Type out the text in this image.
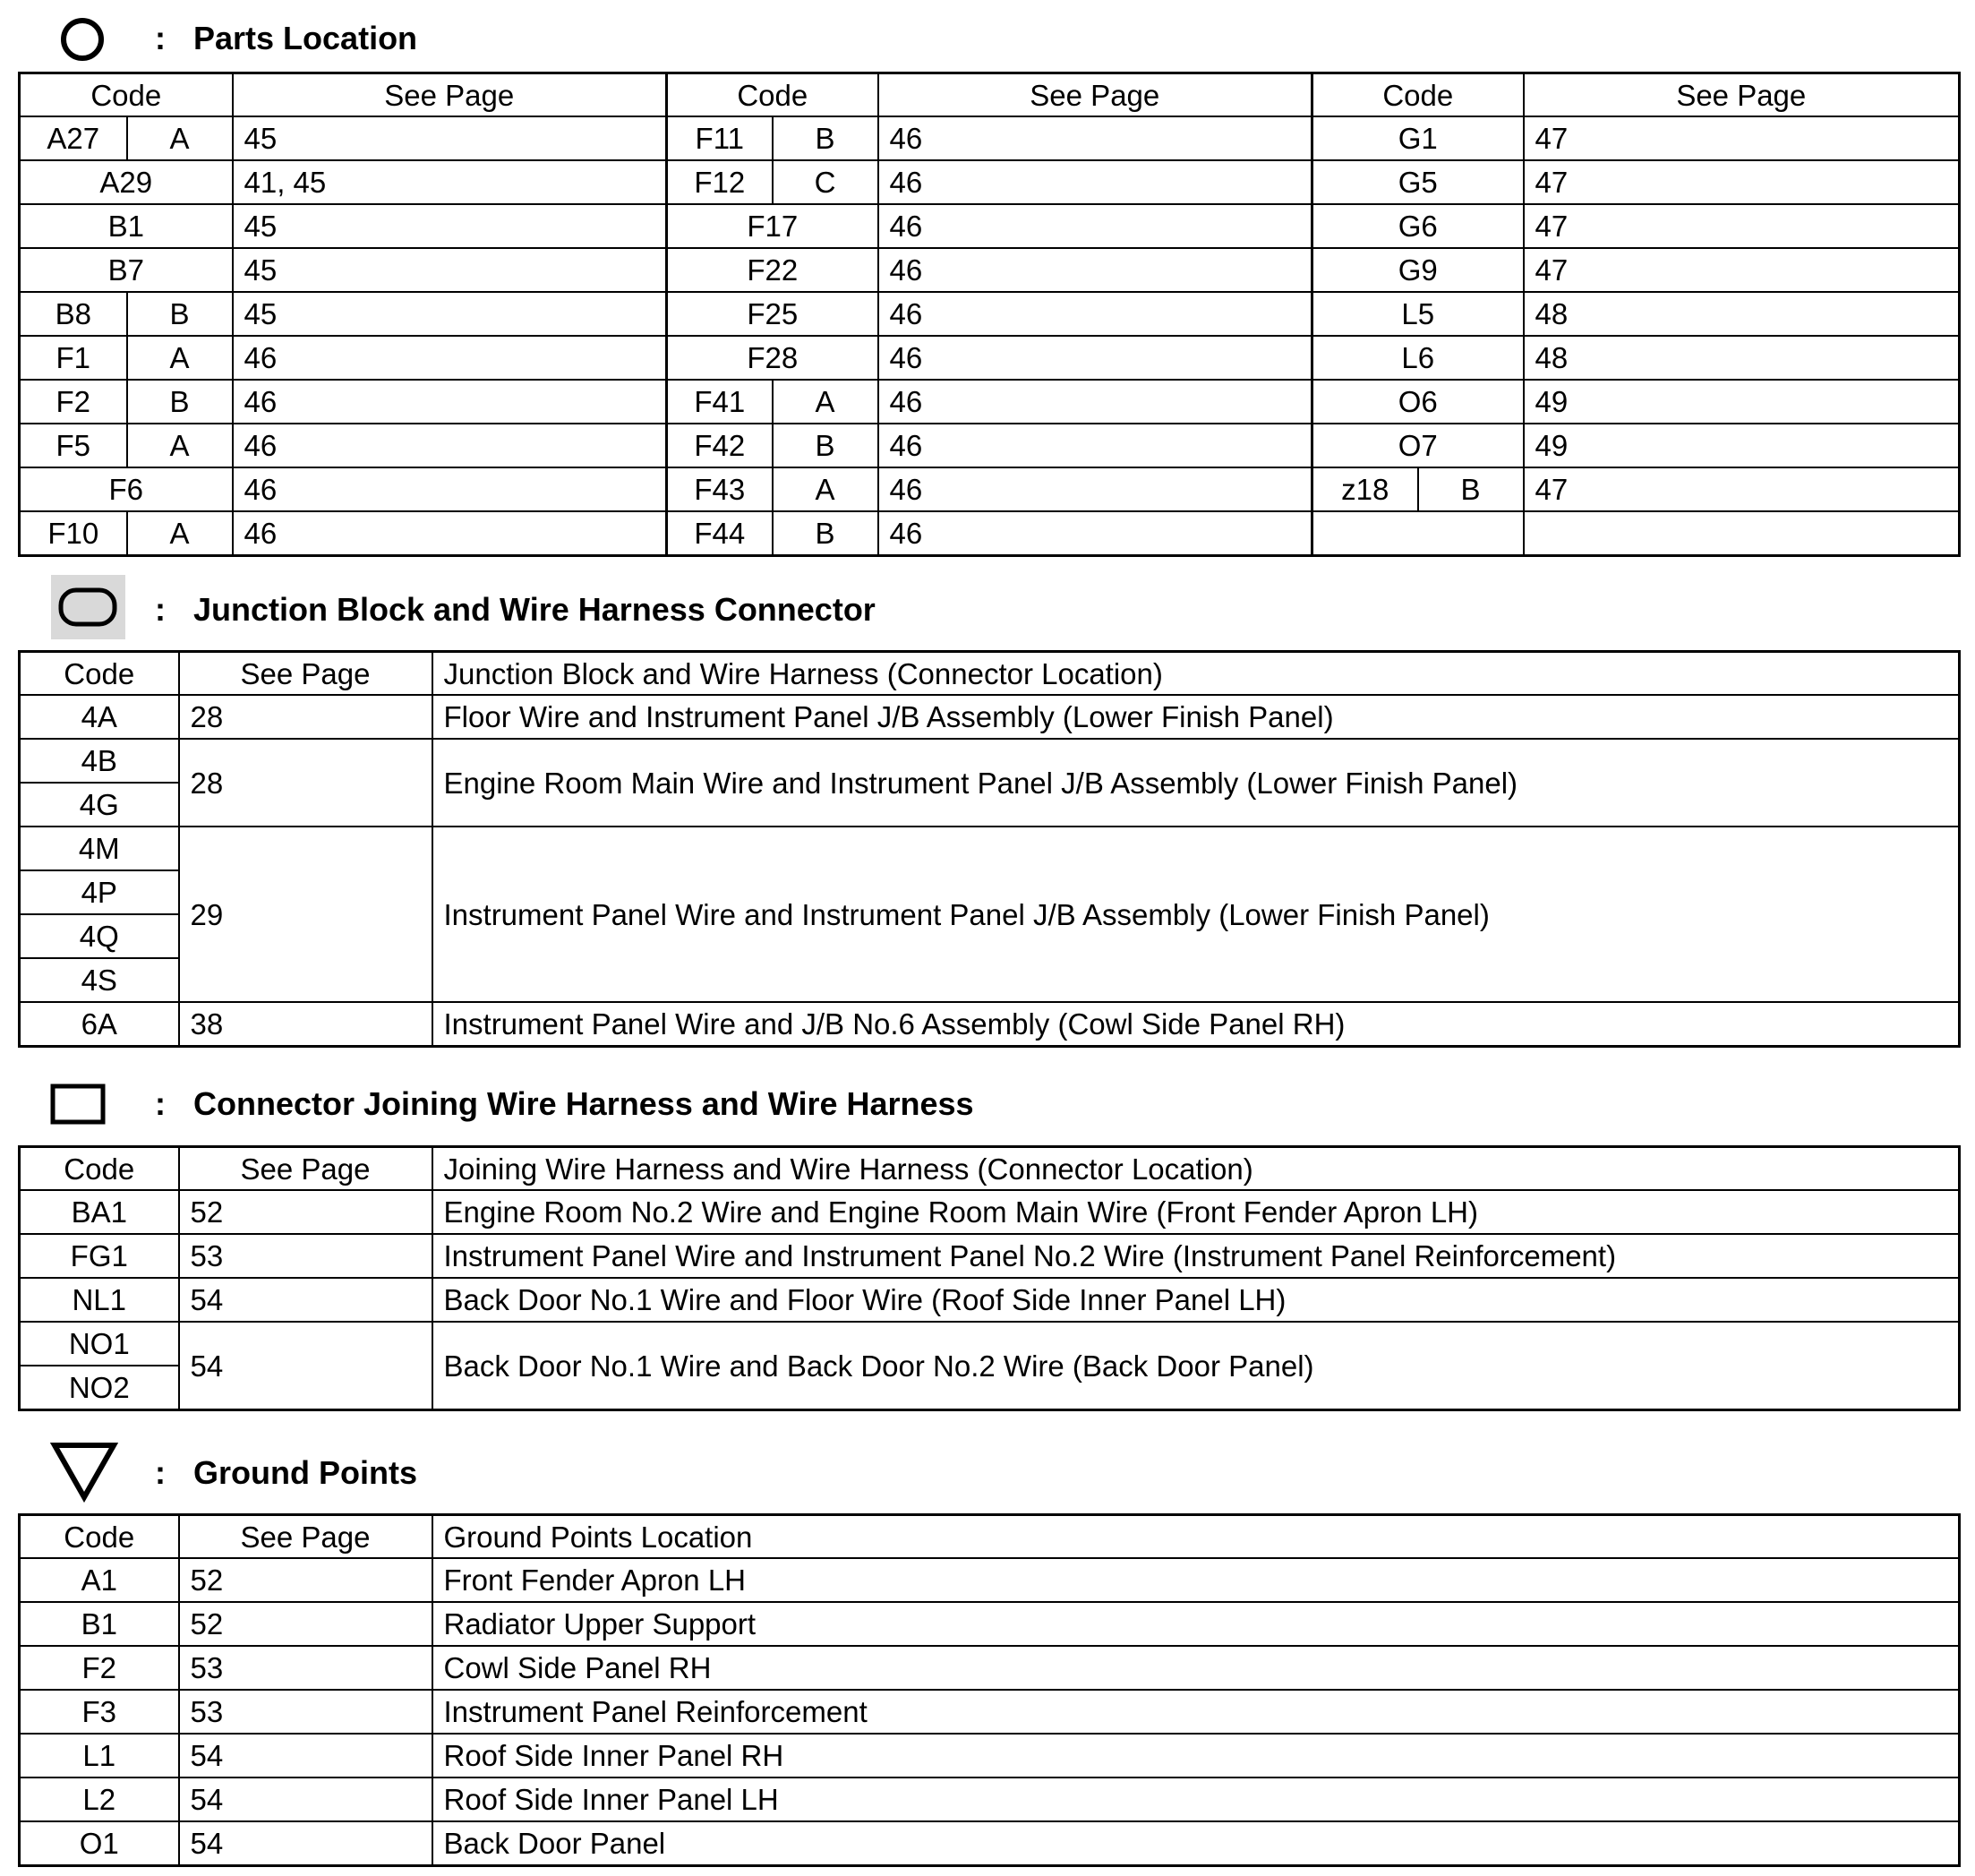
: Parts Location
Code		See Page	Code		See Page	Code		See Page
A27	A	45	F11	B	46	G1		47
A29		41, 45	F12	C	46	G5		47
B1		45	F17		46	G6		47
B7		45	F22		46	G9		47
B8	B	45	F25		46	L5		48
F1	A	46	F28		46	L6		48
F2	B	46	F41	A	46	O6		49
F5	A	46	F42	B	46	O7		49
F6		46	F43	A	46	z18	B	47
F10	A	46	F44	B	46			
: Junction Block and Wire Harness Connector
Code	See Page	Junction Block and Wire Harness (Connector Location)
4A	28	Floor Wire and Instrument Panel J/B Assembly (Lower Finish Panel)
4B	28	Engine Room Main Wire and Instrument Panel J/B Assembly (Lower Finish Panel)
4G		
4M	29	Instrument Panel Wire and Instrument Panel J/B Assembly (Lower Finish Panel)
4P		
4Q		
4S		
6A	38	Instrument Panel Wire and J/B No.6 Assembly (Cowl Side Panel RH)
: Connector Joining Wire Harness and Wire Harness
Code	See Page	Joining Wire Harness and Wire Harness (Connector Location)
BA1	52	Engine Room No.2 Wire and Engine Room Main Wire (Front Fender Apron LH)
FG1	53	Instrument Panel Wire and Instrument Panel No.2 Wire (Instrument Panel Reinforcement)
NL1	54	Back Door No.1 Wire and Floor Wire (Roof Side Inner Panel LH)
NO1	54	Back Door No.1 Wire and Back Door No.2 Wire (Back Door Panel)
NO2		
: Ground Points
Code	See Page	Ground Points Location
A1	52	Front Fender Apron LH
B1	52	Radiator Upper Support
F2	53	Cowl Side Panel RH
F3	53	Instrument Panel Reinforcement
L1	54	Roof Side Inner Panel RH
L2	54	Roof Side Inner Panel LH
O1	54	Back Door Panel
